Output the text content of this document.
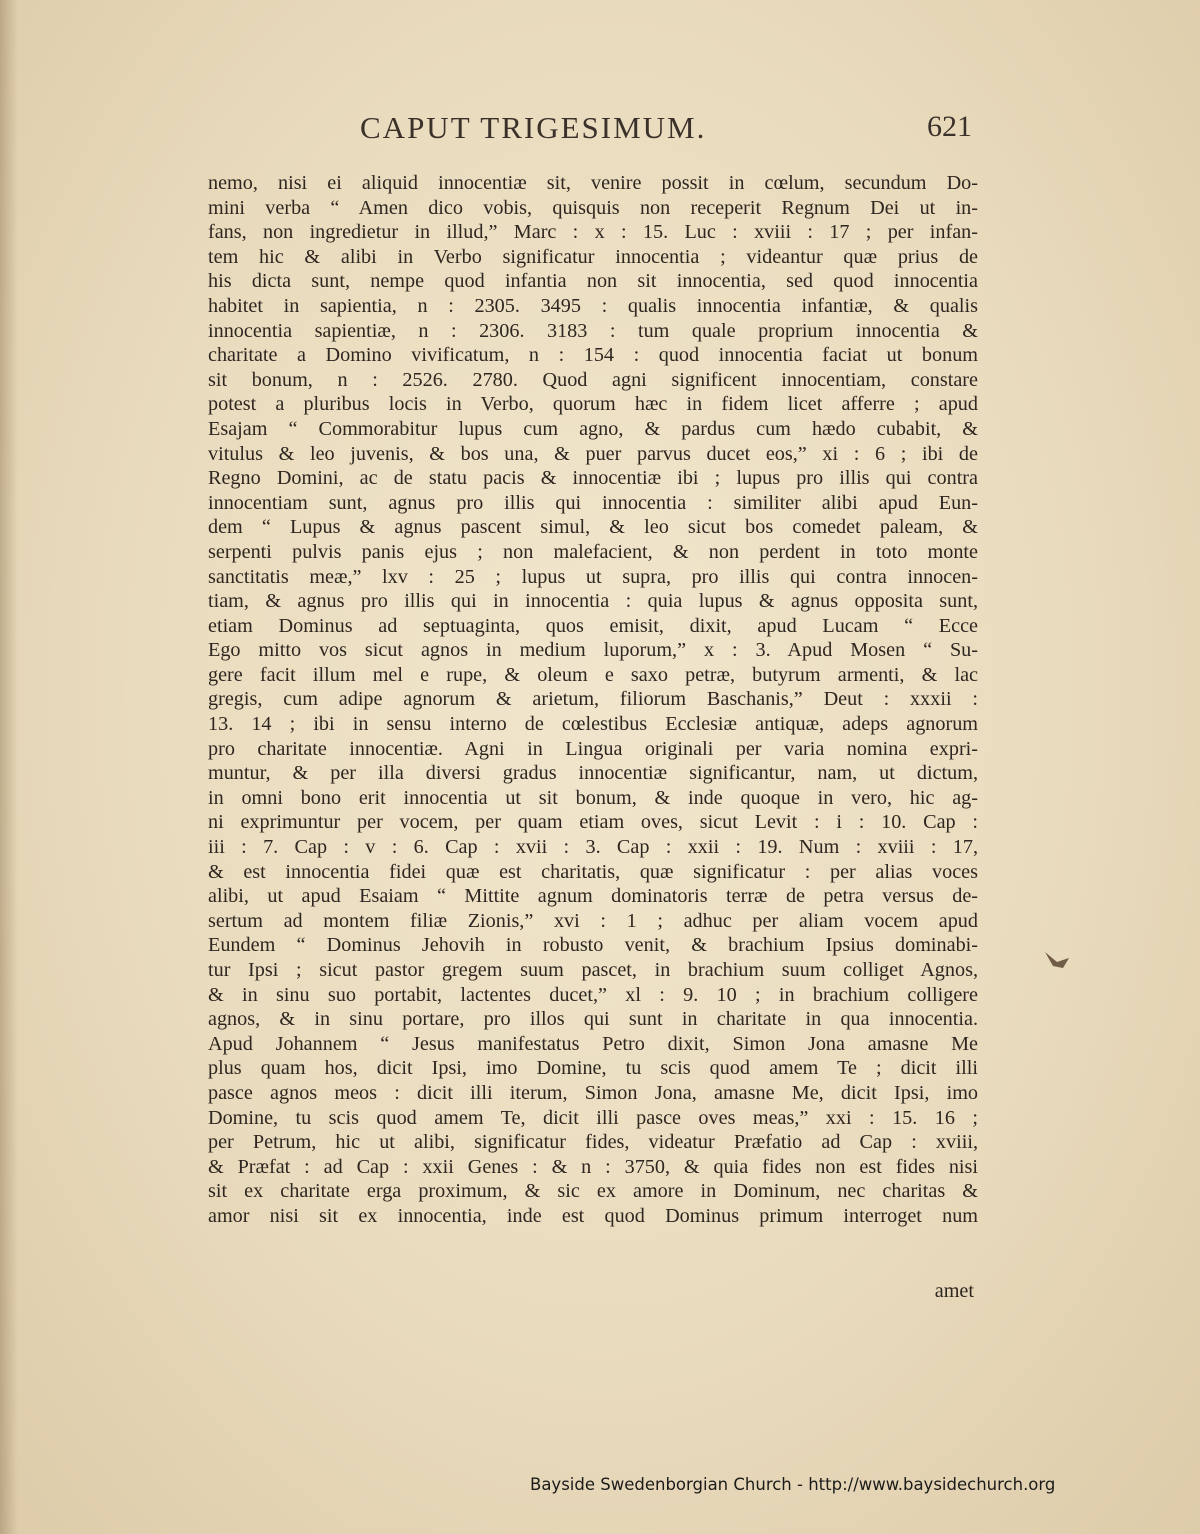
CAPUT TRIGESIMUM.	621
nemo, nisi ei aliquid innocentiæ sit, venire possit in cœlum, secundum Do-
mini verba “ Amen dico vobis, quisquis non receperit Regnum Dei ut in-
fans, non ingredietur in illud,” Marc : x : 15. Luc : xviii : 17 ; per infan-
tem hic & alibi in Verbo significatur innocentia ; videantur quæ prius de
his dicta sunt, nempe quod infantia non sit innocentia, sed quod innocentia
habitet in sapientia, n : 2305. 3495 : qualis innocentia infantiæ, & qualis
innocentia sapientiæ, n : 2306. 3183 : tum quale proprium innocentia &
charitate a Domino vivificatum, n : 154 : quod innocentia faciat ut bonum
sit bonum, n : 2526. 2780. Quod agni significent innocentiam, constare
potest a pluribus locis in Verbo, quorum hæc in fidem licet afferre ; apud
Esajam “ Commorabitur lupus cum agno, & pardus cum hædo cubabit, &
vitulus & leo juvenis, & bos una, & puer parvus ducet eos,” xi : 6 ; ibi de
Regno Domini, ac de statu pacis & innocentiæ ibi ; lupus pro illis qui contra
innocentiam sunt, agnus pro illis qui innocentia : similiter alibi apud Eun-
dem “ Lupus & agnus pascent simul, & leo sicut bos comedet paleam, &
serpenti pulvis panis ejus ; non malefacient, & non perdent in toto monte
sanctitatis meæ,” lxv : 25 ; lupus ut supra, pro illis qui contra innocen-
tiam, & agnus pro illis qui in innocentia : quia lupus & agnus opposita sunt,
etiam Dominus ad septuaginta, quos emisit, dixit, apud Lucam “ Ecce
Ego mitto vos sicut agnos in medium luporum,” x : 3. Apud Mosen “ Su-
gere facit illum mel e rupe, & oleum e saxo petræ, butyrum armenti, & lac
gregis, cum adipe agnorum & arietum, filiorum Baschanis,” Deut : xxxii :
13. 14 ; ibi in sensu interno de cœlestibus Ecclesiæ antiquæ, adeps agnorum
pro charitate innocentiæ. Agni in Lingua originali per varia nomina expri-
muntur, & per illa diversi gradus innocentiæ significantur, nam, ut dictum,
in omni bono erit innocentia ut sit bonum, & inde quoque in vero, hic ag-
ni exprimuntur per vocem, per quam etiam oves, sicut Levit : i : 10. Cap :
iii : 7. Cap : v : 6. Cap : xvii : 3. Cap : xxii : 19. Num : xviii : 17,
& est innocentia fidei quæ est charitatis, quæ significatur : per alias voces
alibi, ut apud Esaiam “ Mittite agnum dominatoris terræ de petra versus de-
sertum ad montem filiæ Zionis,” xvi : 1 ; adhuc per aliam vocem apud
Eundem “ Dominus Jehovih in robusto venit, & brachium Ipsius dominabi-
tur Ipsi ; sicut pastor gregem suum pascet, in brachium suum colliget Agnos,
& in sinu suo portabit, lactentes ducet,” xl : 9. 10 ; in brachium colligere
agnos, & in sinu portare, pro illos qui sunt in charitate in qua innocentia.
Apud Johannem “ Jesus manifestatus Petro dixit, Simon Jona amasne Me
plus quam hos, dicit Ipsi, imo Domine, tu scis quod amem Te ; dicit illi
pasce agnos meos : dicit illi iterum, Simon Jona, amasne Me, dicit Ipsi, imo
Domine, tu scis quod amem Te, dicit illi pasce oves meas,” xxi : 15. 16 ;
per Petrum, hic ut alibi, significatur fides, videatur Præfatio ad Cap : xviii,
& Præfat : ad Cap : xxii Genes : & n : 3750, & quia fides non est fides nisi
sit ex charitate erga proximum, & sic ex amore in Dominum, nec charitas &
amor nisi sit ex innocentia, inde est quod Dominus primum interroget num
amet
Bayside Swedenborgian Church - http://www.baysidechurch.org
